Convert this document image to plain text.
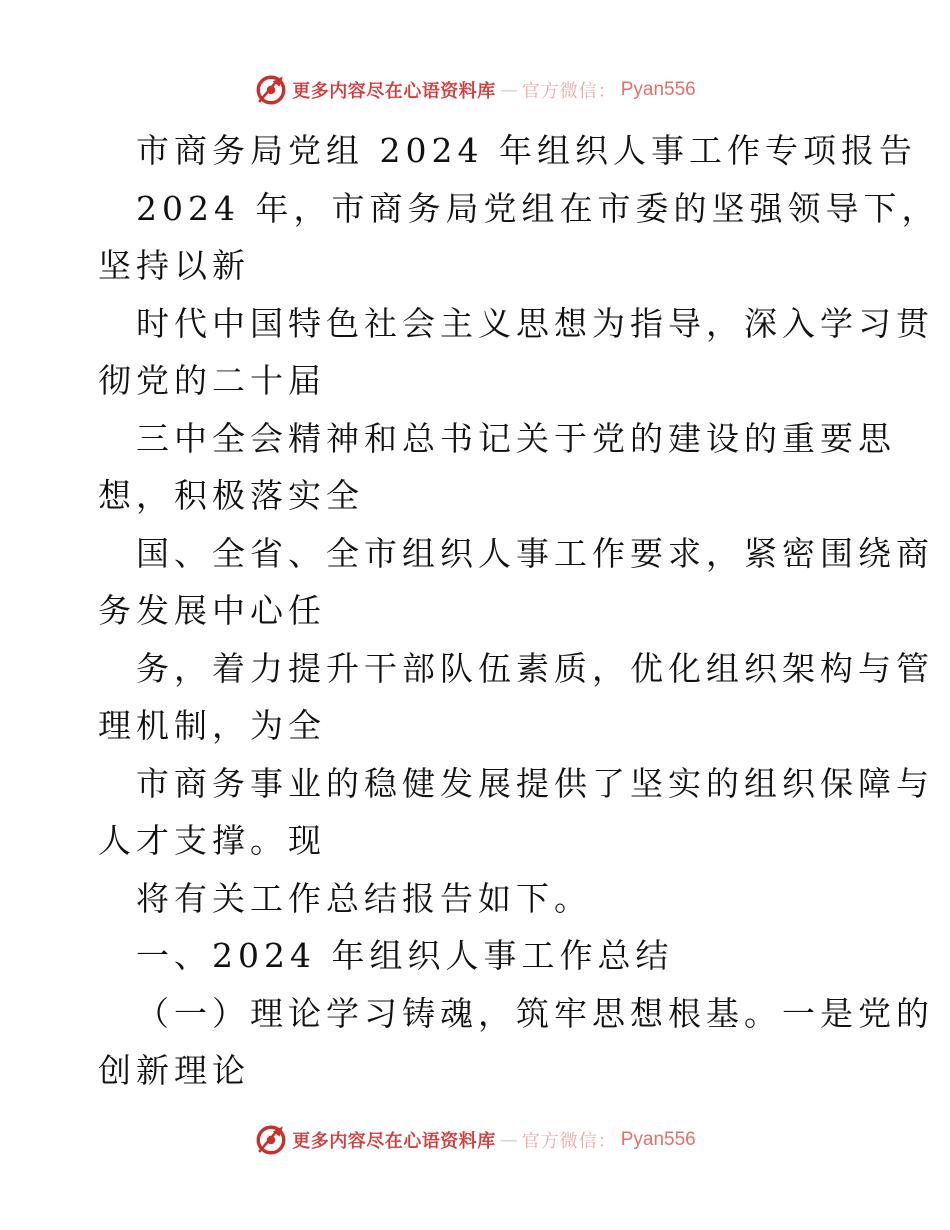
更多内容尽在心语资料库 — 官方微信： Pyan556
市商务局党组 2024 年组织人事工作专项报告
2024 年，市商务局党组在市委的坚强领导下，
坚持以新
时代中国特色社会主义思想为指导，深入学习贯
彻党的二十届
三中全会精神和总书记关于党的建设的重要思
想，积极落实全
国、全省、全市组织人事工作要求，紧密围绕商
务发展中心任
务，着力提升干部队伍素质，优化组织架构与管
理机制，为全
市商务事业的稳健发展提供了坚实的组织保障与
人才支撑。现
将有关工作总结报告如下。
一、2024 年组织人事工作总结
（一）理论学习铸魂，筑牢思想根基。一是党的
创新理论
更多内容尽在心语资料库 — 官方微信： Pyan556
